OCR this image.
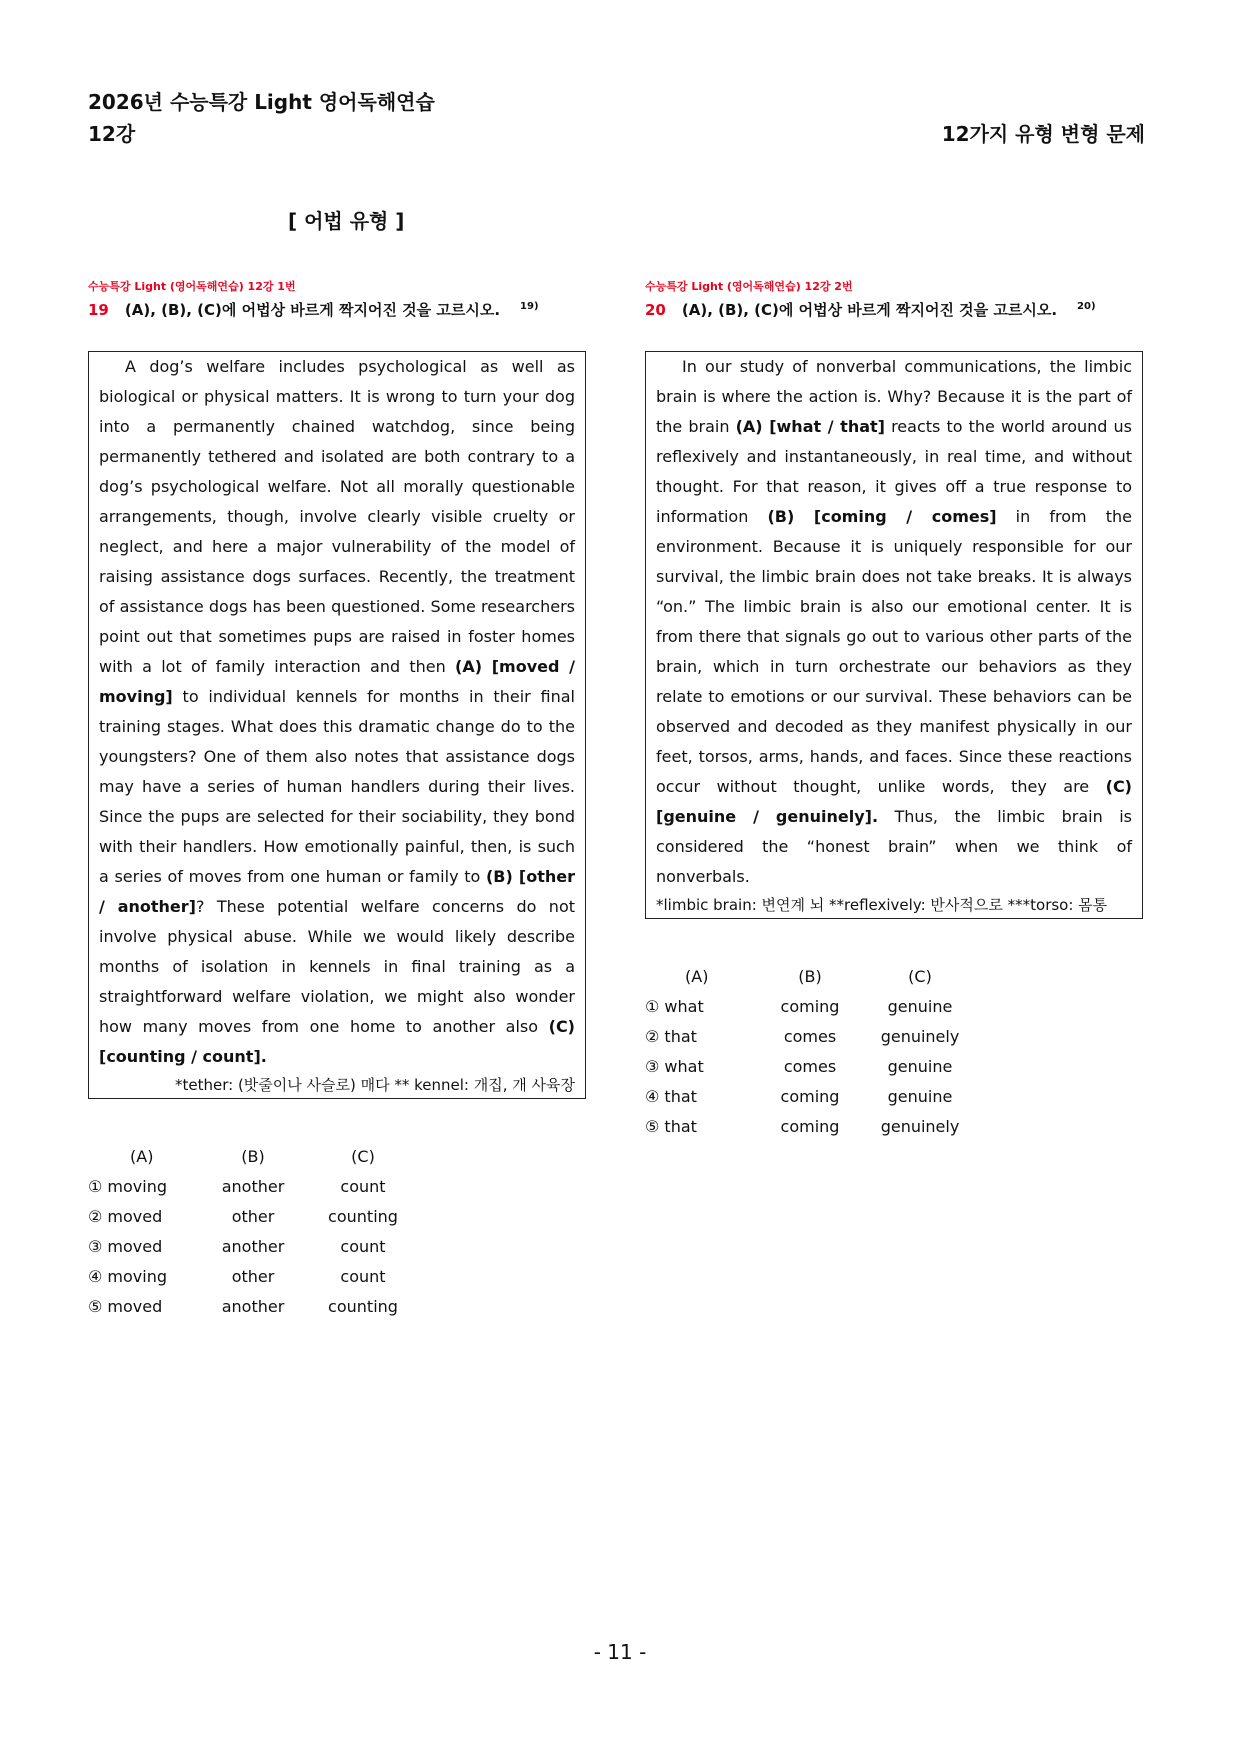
2026년 수능특강 Light 영어독해연습
12강	12가지 유형 변형 문제
[ 어법 유형 ]
수능특강 Light (영어독해연습) 12강 1번
19 (A), (B), (C)에 어법상 바르게 짝지어진 것을 고르시오. $^{19)}$

A dog’s welfare includes psychological as well as biological or physical matters. It is wrong to turn your dog into a permanently chained watchdog, since being permanently tethered and isolated are both contrary to a dog’s psychological welfare. Not all morally questionable arrangements, though, involve clearly visible cruelty or neglect, and here a major vulnerability of the model of raising assistance dogs surfaces. Recently, the treatment of assistance dogs has been questioned. Some researchers point out that sometimes pups are raised in foster homes with a lot of family interaction and then (A) [moved / moving] to individual kennels for months in their final training stages. What does this dramatic change do to the youngsters? One of them also notes that assistance dogs may have a series of human handlers during their lives. Since the pups are selected for their sociability, they bond with their handlers. How emotionally painful, then, is such a series of moves from one human or family to (B) [other / another]? These potential welfare concerns do not involve physical abuse. While we would likely describe months of isolation in kennels in final training as a straightforward welfare violation, we might also wonder how many moves from one home to another also (C) [counting / count].

*tether: (밧줄이나 사슬로) 매다 ** kennel: 개집, 개 사육장
(A)	(B)	(C)
① moving	another	count
② moved	other	counting
③ moved	another	count
④ moving	other	count
⑤ moved	another	counting
수능특강 Light (영어독해연습) 12강 2번
20 (A), (B), (C)에 어법상 바르게 짝지어진 것을 고르시오. $^{20)}$

In our study of nonverbal communications, the limbic brain is where the action is. Why? Because it is the part of the brain (A) [what / that] reacts to the world around us reflexively and instantaneously, in real time, and without thought. For that reason, it gives off a true response to information (B) [coming / comes] in from the environment. Because it is uniquely responsible for our survival, the limbic brain does not take breaks. It is always “on.” The limbic brain is also our emotional center. It is from there that signals go out to various other parts of the brain, which in turn orchestrate our behaviors as they relate to emotions or our survival. These behaviors can be observed and decoded as they manifest physically in our feet, torsos, arms, hands, and faces. Since these reactions occur without thought, unlike words, they are (C) [genuine / genuinely]. Thus, the limbic brain is considered the “honest brain” when we think of nonverbals.

*limbic brain: 변연계 뇌 **reflexively: 반사적으로 ***torso: 몸통
(A)	(B)	(C)
① what	coming	genuine
② that	comes	genuinely
③ what	comes	genuine
④ that	coming	genuine
⑤ that	coming	genuinely
- 11 -
